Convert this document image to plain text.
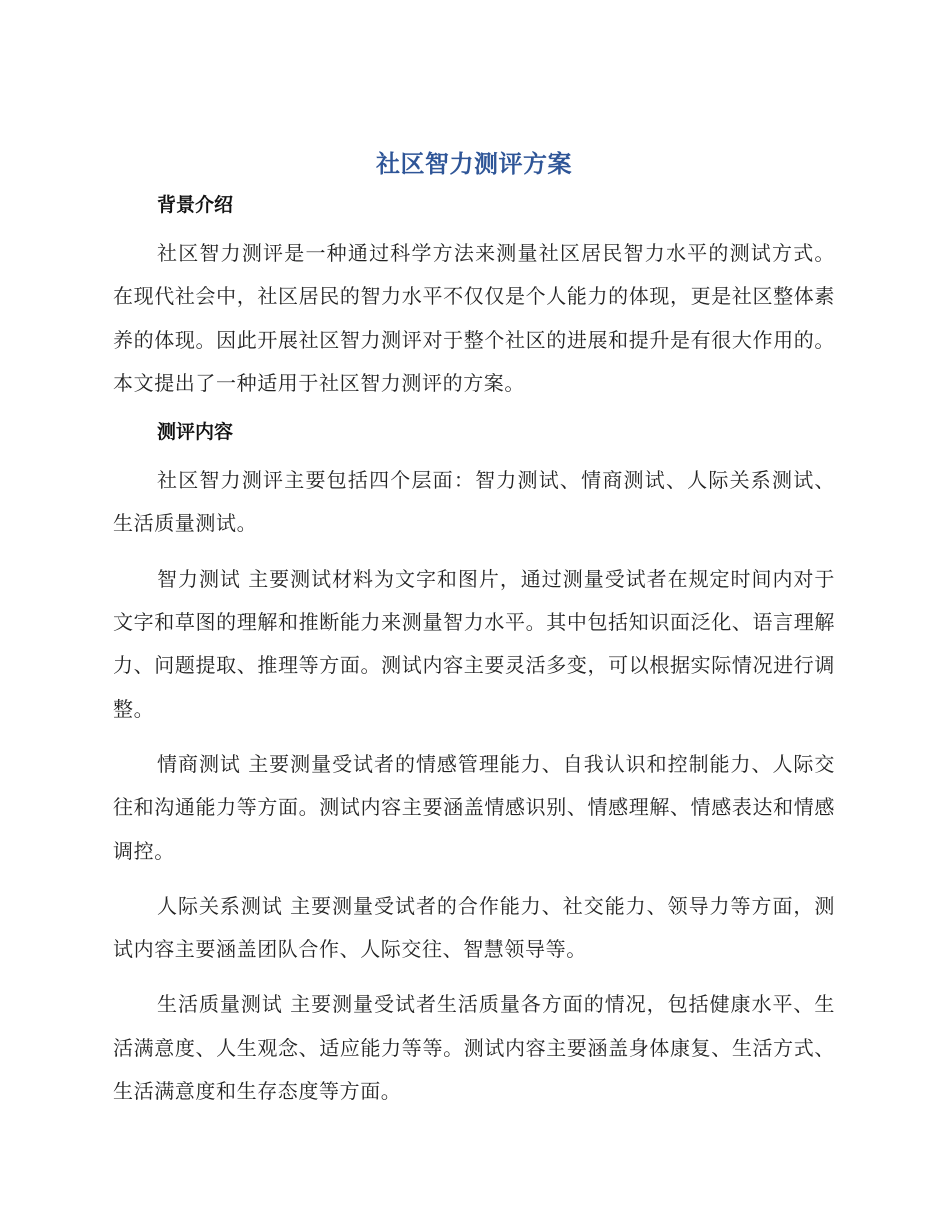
社区智力测评方案
背景介绍

社区智力测评是一种通过科学方法来测量社区居民智力水平的测试方式。在现代社会中，社区居民的智力水平不仅仅是个人能力的体现，更是社区整体素养的体现。因此开展社区智力测评对于整个社区的进展和提升是有很大作用的。本文提出了一种适用于社区智力测评的方案。

测评内容

社区智力测评主要包括四个层面：智力测试、情商测试、人际关系测试、生活质量测试。

智力测试 主要测试材料为文字和图片，通过测量受试者在规定时间内对于文字和草图的理解和推断能力来测量智力水平。其中包括知识面泛化、语言理解力、问题提取、推理等方面。测试内容主要灵活多变，可以根据实际情况进行调整。

情商测试 主要测量受试者的情感管理能力、自我认识和控制能力、人际交往和沟通能力等方面。测试内容主要涵盖情感识别、情感理解、情感表达和情感调控。

人际关系测试 主要测量受试者的合作能力、社交能力、领导力等方面，测试内容主要涵盖团队合作、人际交往、智慧领导等。

生活质量测试 主要测量受试者生活质量各方面的情况，包括健康水平、生活满意度、人生观念、适应能力等等。测试内容主要涵盖身体康复、生活方式、生活满意度和生存态度等方面。
